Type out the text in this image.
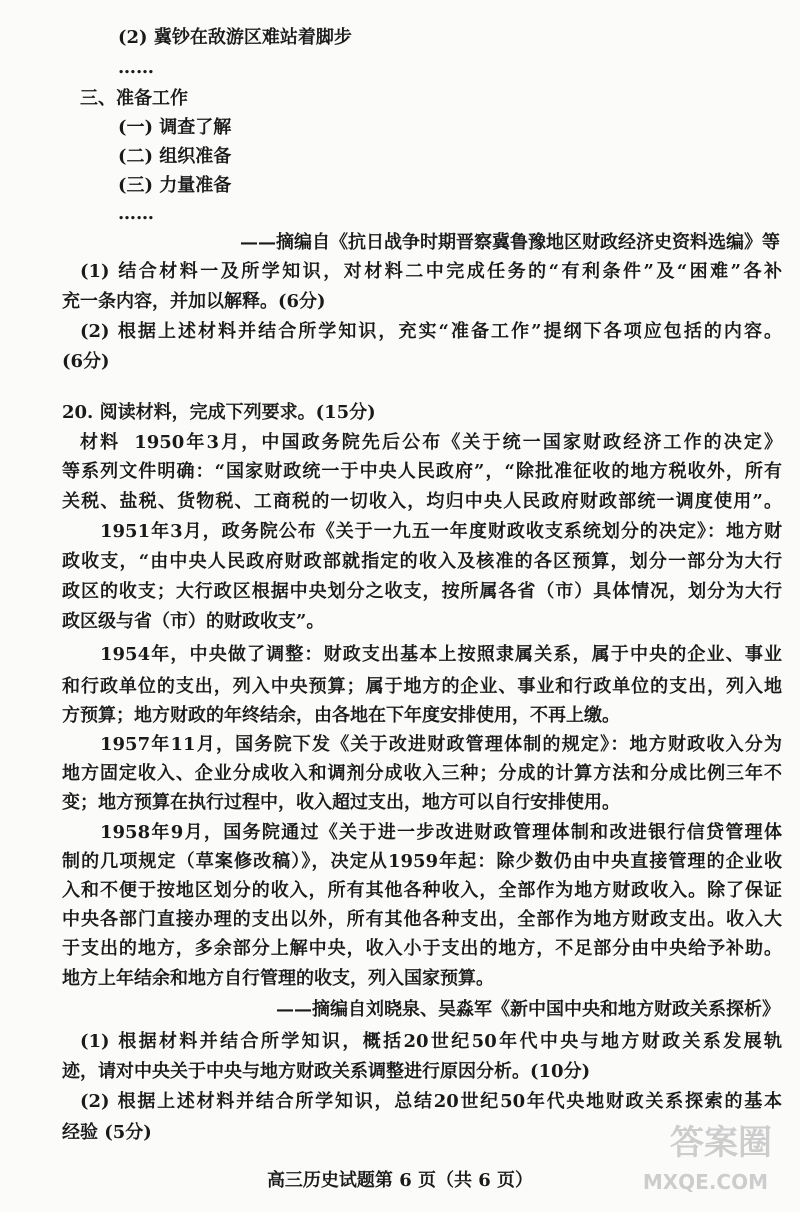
(2) 冀钞在敌游区难站着脚步
……
三、准备工作
(一) 调查了解
(二) 组织准备
(三) 力量准备
……
——摘编自《抗日战争时期晋察冀鲁豫地区财政经济史资料选编》等
(1) 结合材料一及所学知识，对材料二中完成任务的“有利条件”及“困难”各补
充一条内容，并加以解释。(6分)
(2) 根据上述材料并结合所学知识，充实“准备工作”提纲下各项应包括的内容。
(6分)
20. 阅读材料，完成下列要求。(15分)
材料 1950年3月，中国政务院先后公布《关于统一国家财政经济工作的决定》
等系列文件明确：“国家财政统一于中央人民政府”，“除批准征收的地方税收外，所有
关税、盐税、货物税、工商税的一切收入，均归中央人民政府财政部统一调度使用”。
1951年3月，政务院公布《关于一九五一年度财政收支系统划分的决定》：地方财
政收支，“由中央人民政府财政部就指定的收入及核准的各区预算，划分一部分为大行
政区的收支；大行政区根据中央划分之收支，按所属各省（市）具体情况，划分为大行
政区级与省（市）的财政收支”。
1954年，中央做了调整：财政支出基本上按照隶属关系，属于中央的企业、事业
和行政单位的支出，列入中央预算；属于地方的企业、事业和行政单位的支出，列入地
方预算；地方财政的年终结余，由各地在下年度安排使用，不再上缴。
1957年11月，国务院下发《关于改进财政管理体制的规定》：地方财政收入分为
地方固定收入、企业分成收入和调剂分成收入三种；分成的计算方法和分成比例三年不
变；地方预算在执行过程中，收入超过支出，地方可以自行安排使用。
1958年9月，国务院通过《关于进一步改进财政管理体制和改进银行信贷管理体
制的几项规定（草案修改稿）》，决定从1959年起：除少数仍由中央直接管理的企业收
入和不便于按地区划分的收入，所有其他各种收入，全部作为地方财政收入。除了保证
中央各部门直接办理的支出以外，所有其他各种支出，全部作为地方财政支出。收入大
于支出的地方，多余部分上解中央，收入小于支出的地方，不足部分由中央给予补助。
地方上年结余和地方自行管理的收支，列入国家预算。
——摘编自刘晓泉、吴淼军《新中国中央和地方财政关系探析》
(1) 根据材料并结合所学知识，概括20世纪50年代中央与地方财政关系发展轨
迹，请对中央关于中央与地方财政关系调整进行原因分析。(10分)
(2) 根据上述材料并结合所学知识，总结20世纪50年代央地财政关系探索的基本
经验 (5分)
高三历史试题第 6 页（共 6 页）
答案圈
MXQE.COM
